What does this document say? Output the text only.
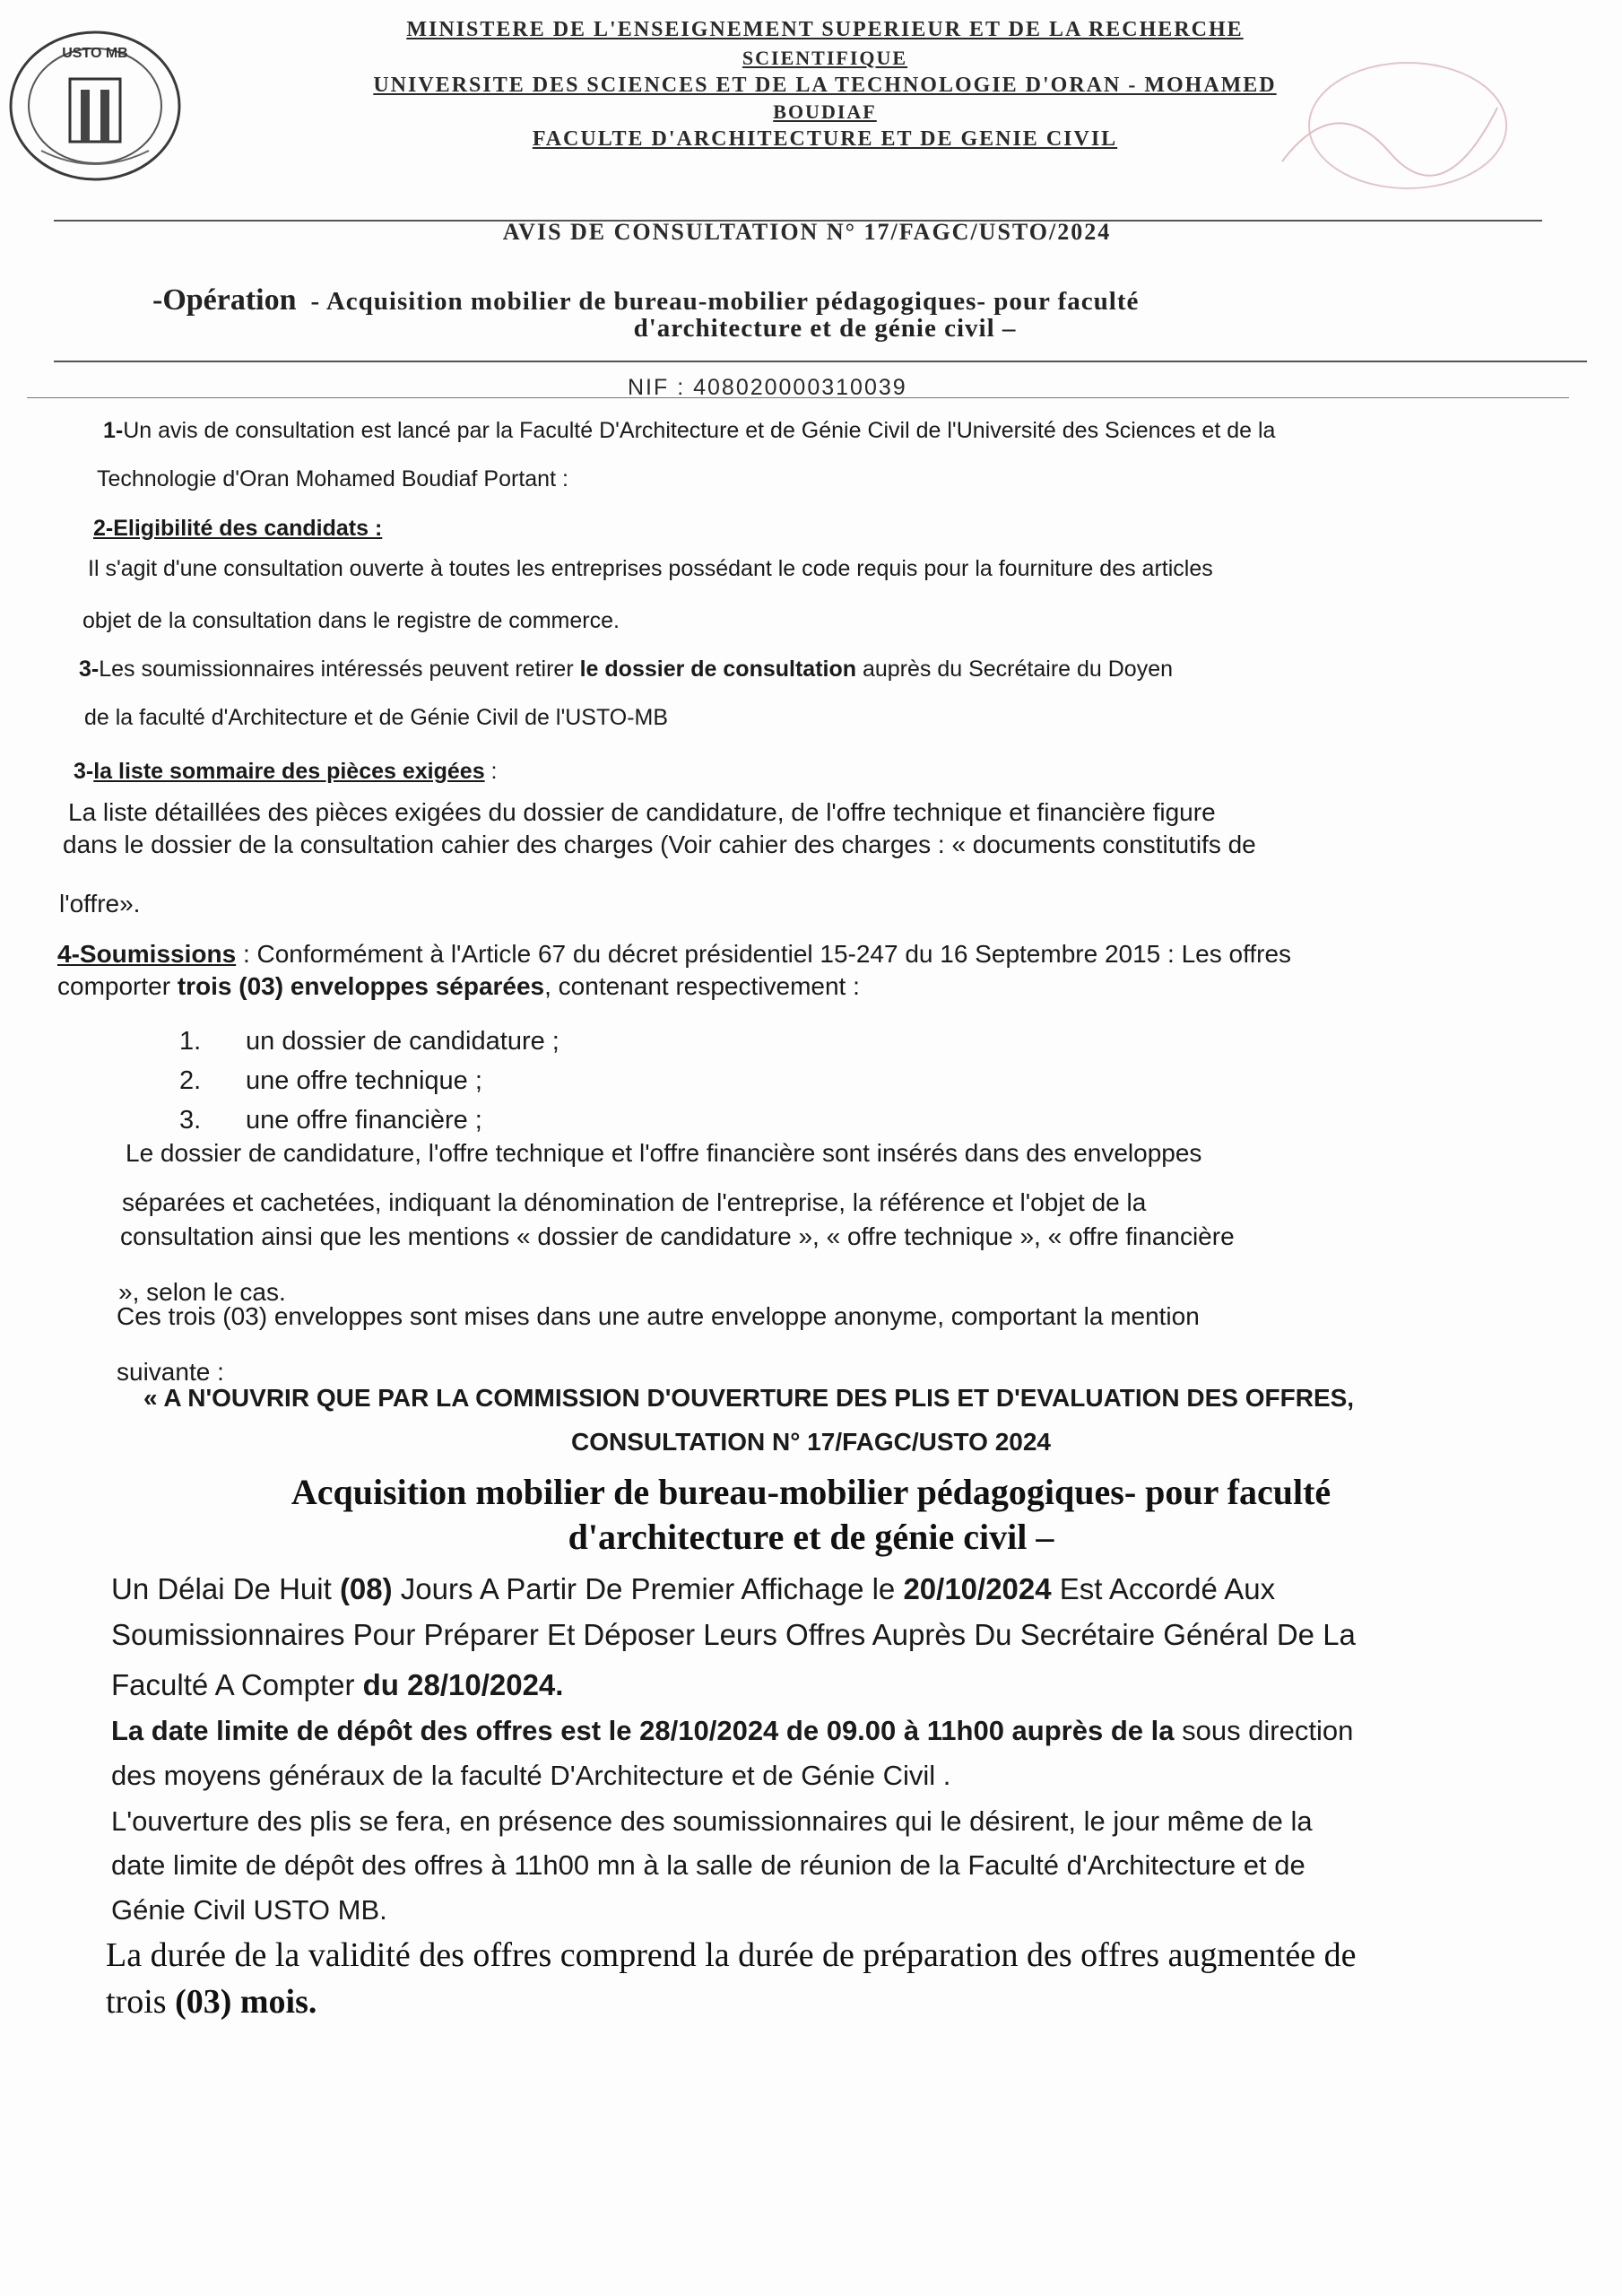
USTO MB
MINISTERE DE L'ENSEIGNEMENT SUPERIEUR ET DE LA RECHERCHE
SCIENTIFIQUE
UNIVERSITE DES SCIENCES ET DE LA TECHNOLOGIE D'ORAN - MOHAMED
BOUDIAF
FACULTE D'ARCHITECTURE ET DE GENIE CIVIL
AVIS DE CONSULTATION N° 17/FAGC/USTO/2024
-Opération - Acquisition mobilier de bureau-mobilier pédagogiques- pour faculté
d'architecture et de génie civil –
NIF : 408020000310039
1-Un avis de consultation est lancé par la Faculté D'Architecture et de Génie Civil de l'Université des Sciences et de la
Technologie d'Oran Mohamed Boudiaf Portant :
2-Eligibilité des candidats :
Il s'agit d'une consultation ouverte à toutes les entreprises possédant le code requis pour la fourniture des articles
objet de la consultation dans le registre de commerce.
3-Les soumissionnaires intéressés peuvent retirer le dossier de consultation auprès du Secrétaire du Doyen
de la faculté d'Architecture et de Génie Civil de l'USTO-MB
3-la liste sommaire des pièces exigées :
La liste détaillées des pièces exigées du dossier de candidature, de l'offre technique et financière figure
dans le dossier de la consultation cahier des charges (Voir cahier des charges : « documents constitutifs de
l'offre».
4-Soumissions : Conformément à l'Article 67 du décret présidentiel 15-247 du 16 Septembre 2015 : Les offres
comporter trois (03) enveloppes séparées, contenant respectivement :
1. un dossier de candidature ;
2. une offre technique ;
3. une offre financière ;
Le dossier de candidature, l'offre technique et l'offre financière sont insérés dans des enveloppes
séparées et cachetées, indiquant la dénomination de l'entreprise, la référence et l'objet de la
consultation ainsi que les mentions « dossier de candidature », « offre technique », « offre financière
», selon le cas.
Ces trois (03) enveloppes sont mises dans une autre enveloppe anonyme, comportant la mention
suivante :
« A N'OUVRIR QUE PAR LA COMMISSION D'OUVERTURE DES PLIS ET D'EVALUATION DES OFFRES,
CONSULTATION N° 17/FAGC/USTO 2024
Acquisition mobilier de bureau-mobilier pédagogiques- pour faculté
d'architecture et de génie civil –
Un Délai De Huit (08) Jours A Partir De Premier Affichage le 20/10/2024 Est Accordé Aux
Soumissionnaires Pour Préparer Et Déposer Leurs Offres Auprès Du Secrétaire Général De La
Faculté A Compter du 28/10/2024.
La date limite de dépôt des offres est le 28/10/2024 de 09.00 à 11h00 auprès de la sous direction
des moyens généraux de la faculté D'Architecture et de Génie Civil .
L'ouverture des plis se fera, en présence des soumissionnaires qui le désirent, le jour même de la
date limite de dépôt des offres à 11h00 mn à la salle de réunion de la Faculté d'Architecture et de
Génie Civil USTO MB.
La durée de la validité des offres comprend la durée de préparation des offres augmentée de
trois (03) mois.
